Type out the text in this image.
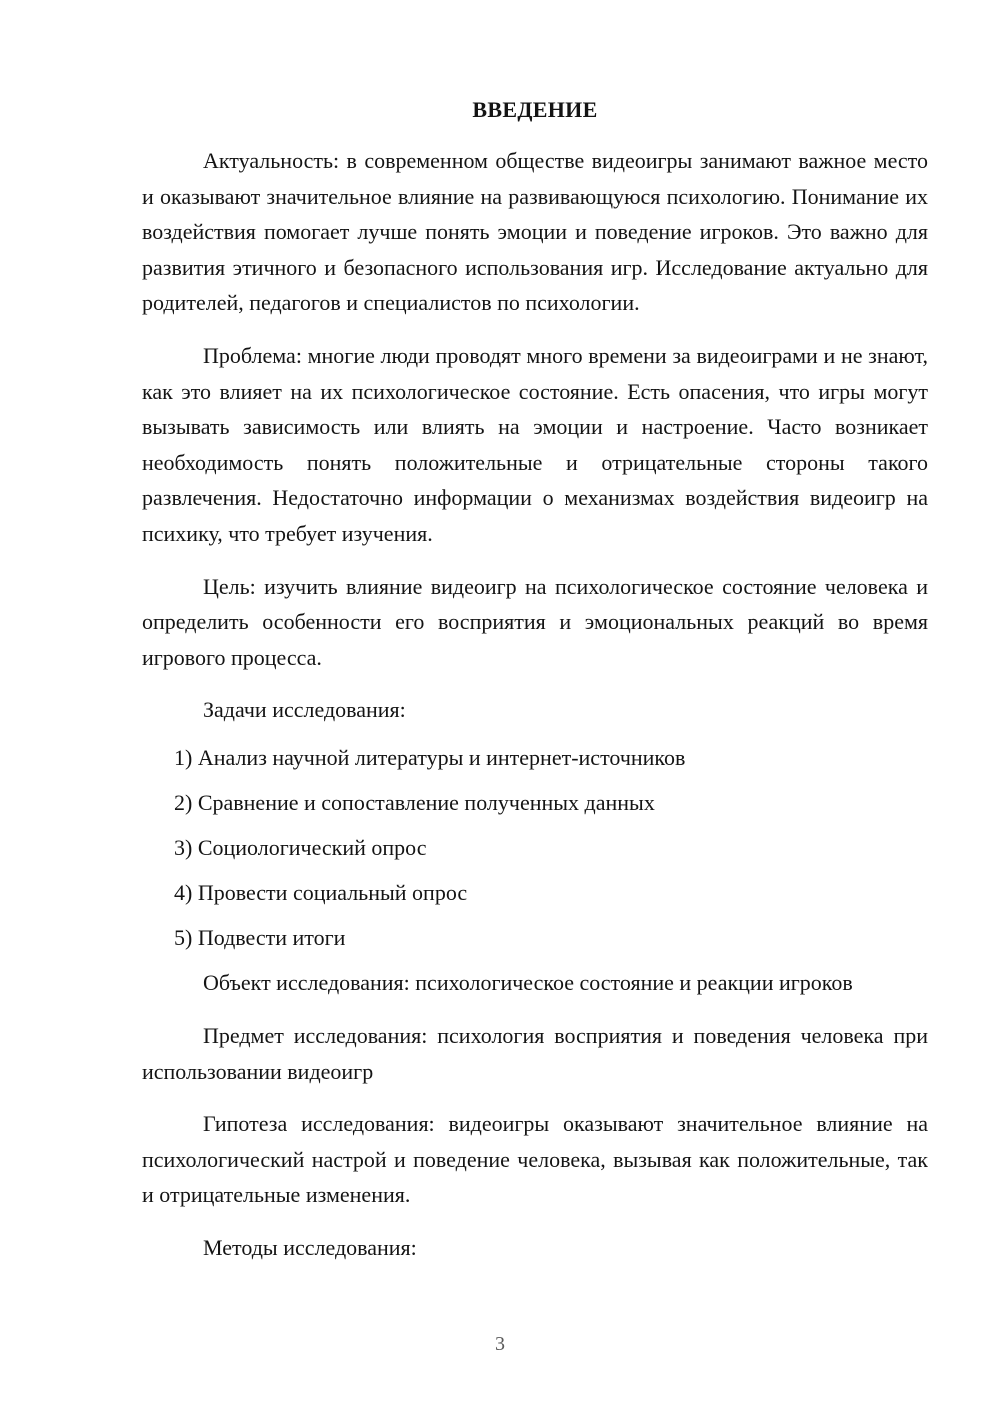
ВВЕДЕНИЕ

Актуальность: в современном обществе видеоигры занимают важное место и оказывают значительное влияние на развивающуюся психологию. Понимание их воздействия помогает лучше понять эмоции и поведение игроков. Это важно для развития этичного и безопасного использования игр. Исследование актуально для родителей, педагогов и специалистов по психологии.

Проблема: многие люди проводят много времени за видеоиграми и не знают, как это влияет на их психологическое состояние. Есть опасения, что игры могут вызывать зависимость или влиять на эмоции и настроение. Часто возникает необходимость понять положительные и отрицательные стороны такого развлечения. Недостаточно информации о механизмах воздействия видеоигр на психику, что требует изучения.

Цель: изучить влияние видеоигр на психологическое состояние человека и определить особенности его восприятия и эмоциональных реакций во время игрового процесса.

Задачи исследования:

1) Анализ научной литературы и интернет-источников
2) Сравнение и сопоставление полученных данных
3) Социологический опрос
4) Провести социальный опрос
5) Подвести итоги

Объект исследования: психологическое состояние и реакции игроков

Предмет исследования: психология восприятия и поведения человека при использовании видеоигр

Гипотеза исследования: видеоигры оказывают значительное влияние на психологический настрой и поведение человека, вызывая как положительные, так и отрицательные изменения.

Методы исследования:

3
